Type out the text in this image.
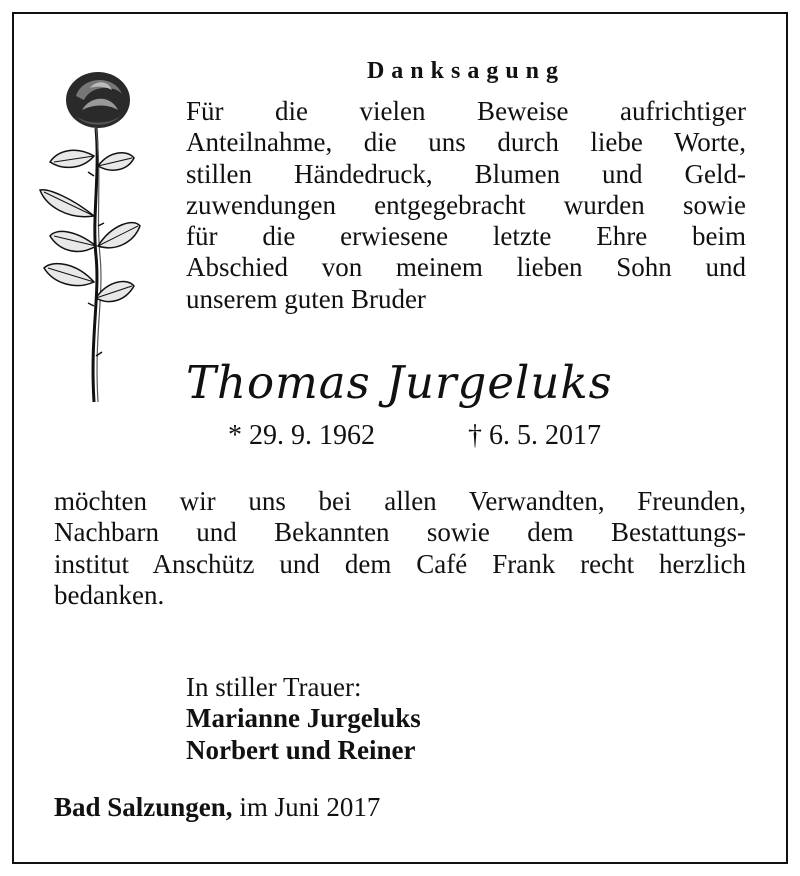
Danksagung
Für die vielen Beweise aufrichtiger
Anteilnahme, die uns durch liebe Worte,
stillen Händedruck, Blumen und Geld-
zuwendungen entgegebracht wurden sowie
für die erwiesene letzte Ehre beim
Abschied von meinem lieben Sohn und
unserem guten Bruder
Thomas Jurgeluks
* 29. 9. 1962	† 6. 5. 2017
möchten wir uns bei allen Verwandten, Freunden,
Nachbarn und Bekannten sowie dem Bestattungs-
institut Anschütz und dem Café Frank recht herzlich
bedanken.
In stiller Trauer:
Marianne Jurgeluks
Norbert und Reiner
Bad Salzungen, im Juni 2017
